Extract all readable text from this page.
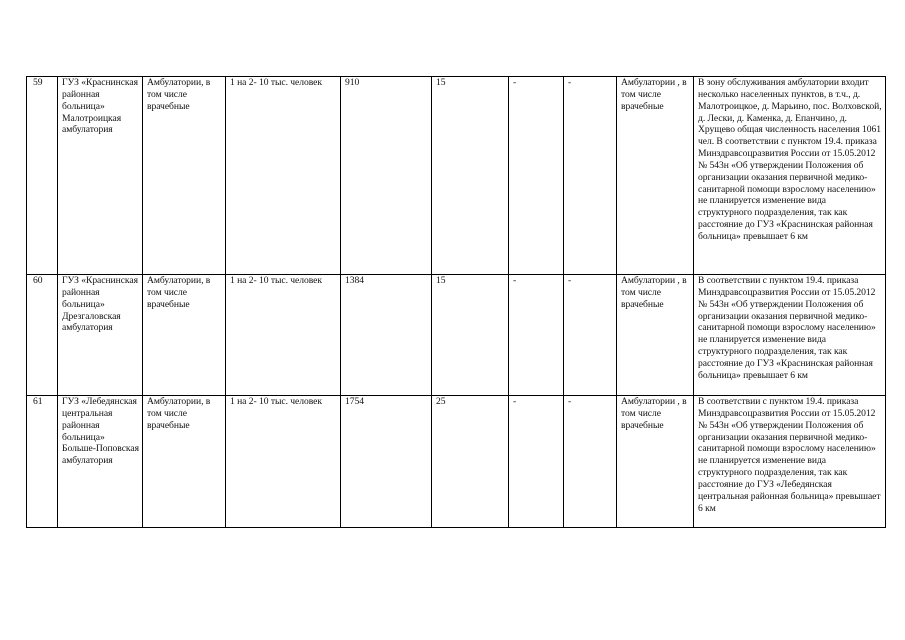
59	ГУЗ «Краснинская районная больница» Малотроицкая амбулатория	Амбулатории, в том числе врачебные	1 на 2- 10 тыс. человек	910	15	-	-	Амбулатории , в том числе врачебные	В зону обслуживания амбулатории входит несколько населенных пунктов, в т.ч., д. Малотроицкое, д. Марьино, пос. Волховской, д. Лески, д. Каменка, д. Епанчино, д. Хрущево общая численность населения 1061 чел. В соответствии с пунктом 19.4. приказа Минздравсоцразвития России от 15.05.2012 № 543н «Об утверждении Положения об организации оказания первичной медико-санитарной помощи взрослому населению» не планируется изменение вида структурного подразделения, так как расстояние до ГУЗ «Краснинская районная больница» превышает 6 км
60	ГУЗ «Краснинская районная больница» Дрезгаловская амбулатория	Амбулатории, в том числе врачебные	1 на 2- 10 тыс. человек	1384	15	-	-	Амбулатории , в том числе врачебные	В соответствии с пунктом 19.4. приказа Минздравсоцразвития России от 15.05.2012 № 543н «Об утверждении Положения об организации оказания первичной медико-санитарной помощи взрослому населению» не планируется изменение вида структурного подразделения, так как расстояние до ГУЗ «Краснинская районная больница» превышает 6 км
61	ГУЗ «Лебедянская центральная районная больница» Больше-Поповская амбулатория	Амбулатории, в том числе врачебные	1 на 2- 10 тыс. человек	1754	25	-	-	Амбулатории , в том числе врачебные	В соответствии с пунктом 19.4. приказа Минздравсоцразвития России от 15.05.2012 № 543н «Об утверждении Положения об организации оказания первичной медико-санитарной помощи взрослому населению» не планируется изменение вида структурного подразделения, так как расстояние до ГУЗ «Лебедянская центральная районная больница» превышает 6 км
